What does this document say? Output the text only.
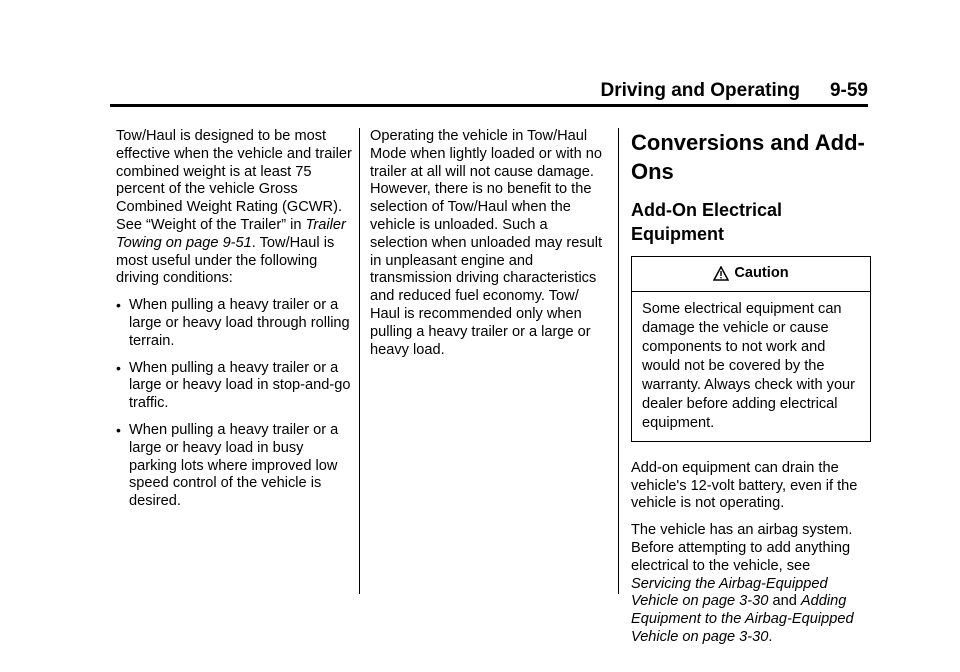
Driving and Operating 9-59

Tow/Haul is designed to be most effective when the vehicle and trailer combined weight is at least 75 percent of the vehicle Gross Combined Weight Rating (GCWR). See “Weight of the Trailer” in Trailer Towing on page 9-51. Tow/Haul is most useful under the following driving conditions:

• When pulling a heavy trailer or a large or heavy load through rolling terrain.
• When pulling a heavy trailer or a large or heavy load in stop-and-go traffic.
• When pulling a heavy trailer or a large or heavy load in busy parking lots where improved low speed control of the vehicle is desired.

Operating the vehicle in Tow/Haul Mode when lightly loaded or with no trailer at all will not cause damage. However, there is no benefit to the selection of Tow/Haul when the vehicle is unloaded. Such a selection when unloaded may result in unpleasant engine and transmission driving characteristics and reduced fuel economy. Tow/ Haul is recommended only when pulling a heavy trailer or a large or heavy load.

Conversions and Add-Ons
Add-On Electrical Equipment
Caution
Some electrical equipment can damage the vehicle or cause components to not work and would not be covered by the warranty. Always check with your dealer before adding electrical equipment.

Add-on equipment can drain the vehicle's 12-volt battery, even if the vehicle is not operating.

The vehicle has an airbag system. Before attempting to add anything electrical to the vehicle, see Servicing the Airbag-Equipped Vehicle on page 3-30 and Adding Equipment to the Airbag-Equipped Vehicle on page 3-30.
